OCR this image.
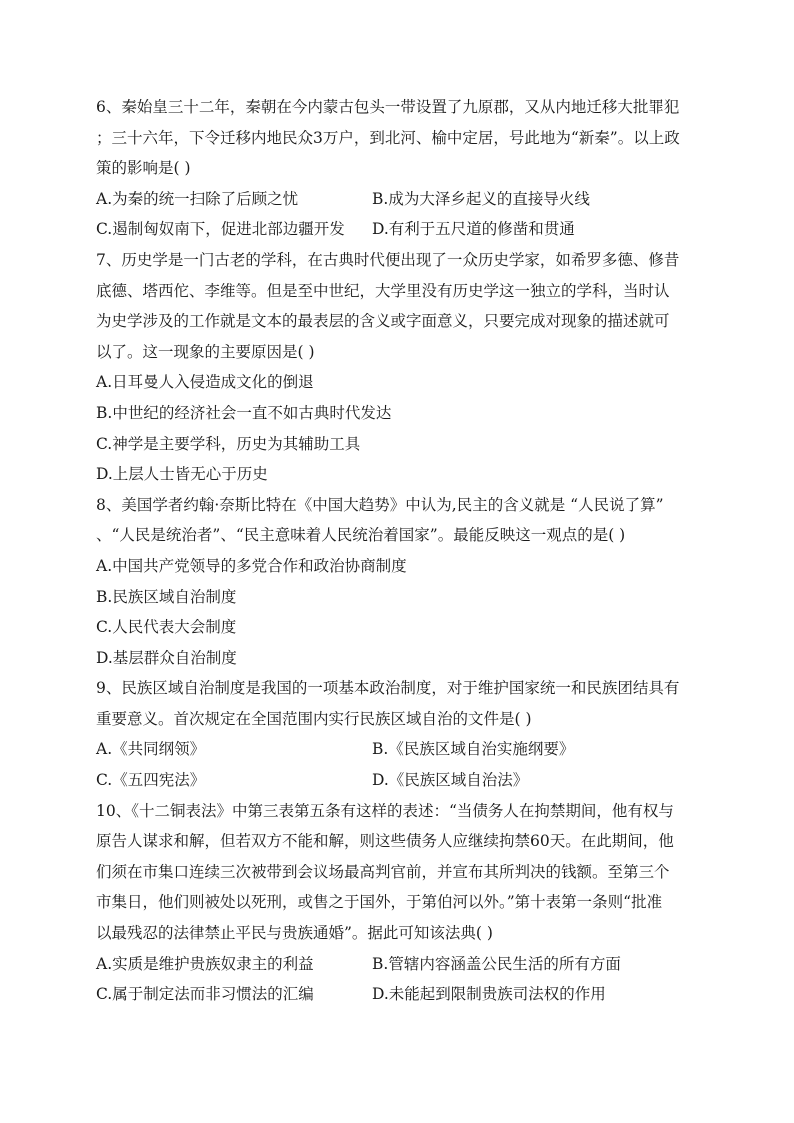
6、秦始皇三十二年，秦朝在今内蒙古包头一带设置了九原郡，又从内地迁移大批罪犯
；三十六年，下令迁移内地民众3万户，到北河、榆中定居，号此地为“新秦”。以上政
策的影响是( )
A.为秦的统一扫除了后顾之忧	B.成为大泽乡起义的直接导火线
C.遏制匈奴南下，促进北部边疆开发	D.有利于五尺道的修凿和贯通
7、历史学是一门古老的学科，在古典时代便出现了一众历史学家，如希罗多德、修昔
底德、塔西佗、李维等。但是至中世纪，大学里没有历史学这一独立的学科，当时认
为史学涉及的工作就是文本的最表层的含义或字面意义，只要完成对现象的描述就可
以了。这一现象的主要原因是( )
A.日耳曼人入侵造成文化的倒退
B.中世纪的经济社会一直不如古典时代发达
C.神学是主要学科，历史为其辅助工具
D.上层人士皆无心于历史
8、美国学者约翰·奈斯比特在《中国大趋势》中认为,民主的含义就是 “人民说了算”
、“人民是统治者”、“民主意味着人民统治着国家”。最能反映这一观点的是( )
A.中国共产党领导的多党合作和政治协商制度
B.民族区域自治制度
C.人民代表大会制度
D.基层群众自治制度
9、民族区域自治制度是我国的一项基本政治制度，对于维护国家统一和民族团结具有
重要意义。首次规定在全国范围内实行民族区域自治的文件是( )
A.《共同纲领》	B.《民族区域自治实施纲要》
C.《五四宪法》	D.《民族区域自治法》
10、《十二铜表法》中第三表第五条有这样的表述：“当债务人在拘禁期间，他有权与
原告人谋求和解，但若双方不能和解，则这些债务人应继续拘禁60天。在此期间，他
们须在市集口连续三次被带到会议场最高判官前，并宣布其所判决的钱额。至第三个
市集日，他们则被处以死刑，或售之于国外，于第伯河以外。”第十表第一条则“批准
以最残忍的法律禁止平民与贵族通婚”。据此可知该法典( )
A.实质是维护贵族奴隶主的利益	B.管辖内容涵盖公民生活的所有方面
C.属于制定法而非习惯法的汇编	D.未能起到限制贵族司法权的作用
